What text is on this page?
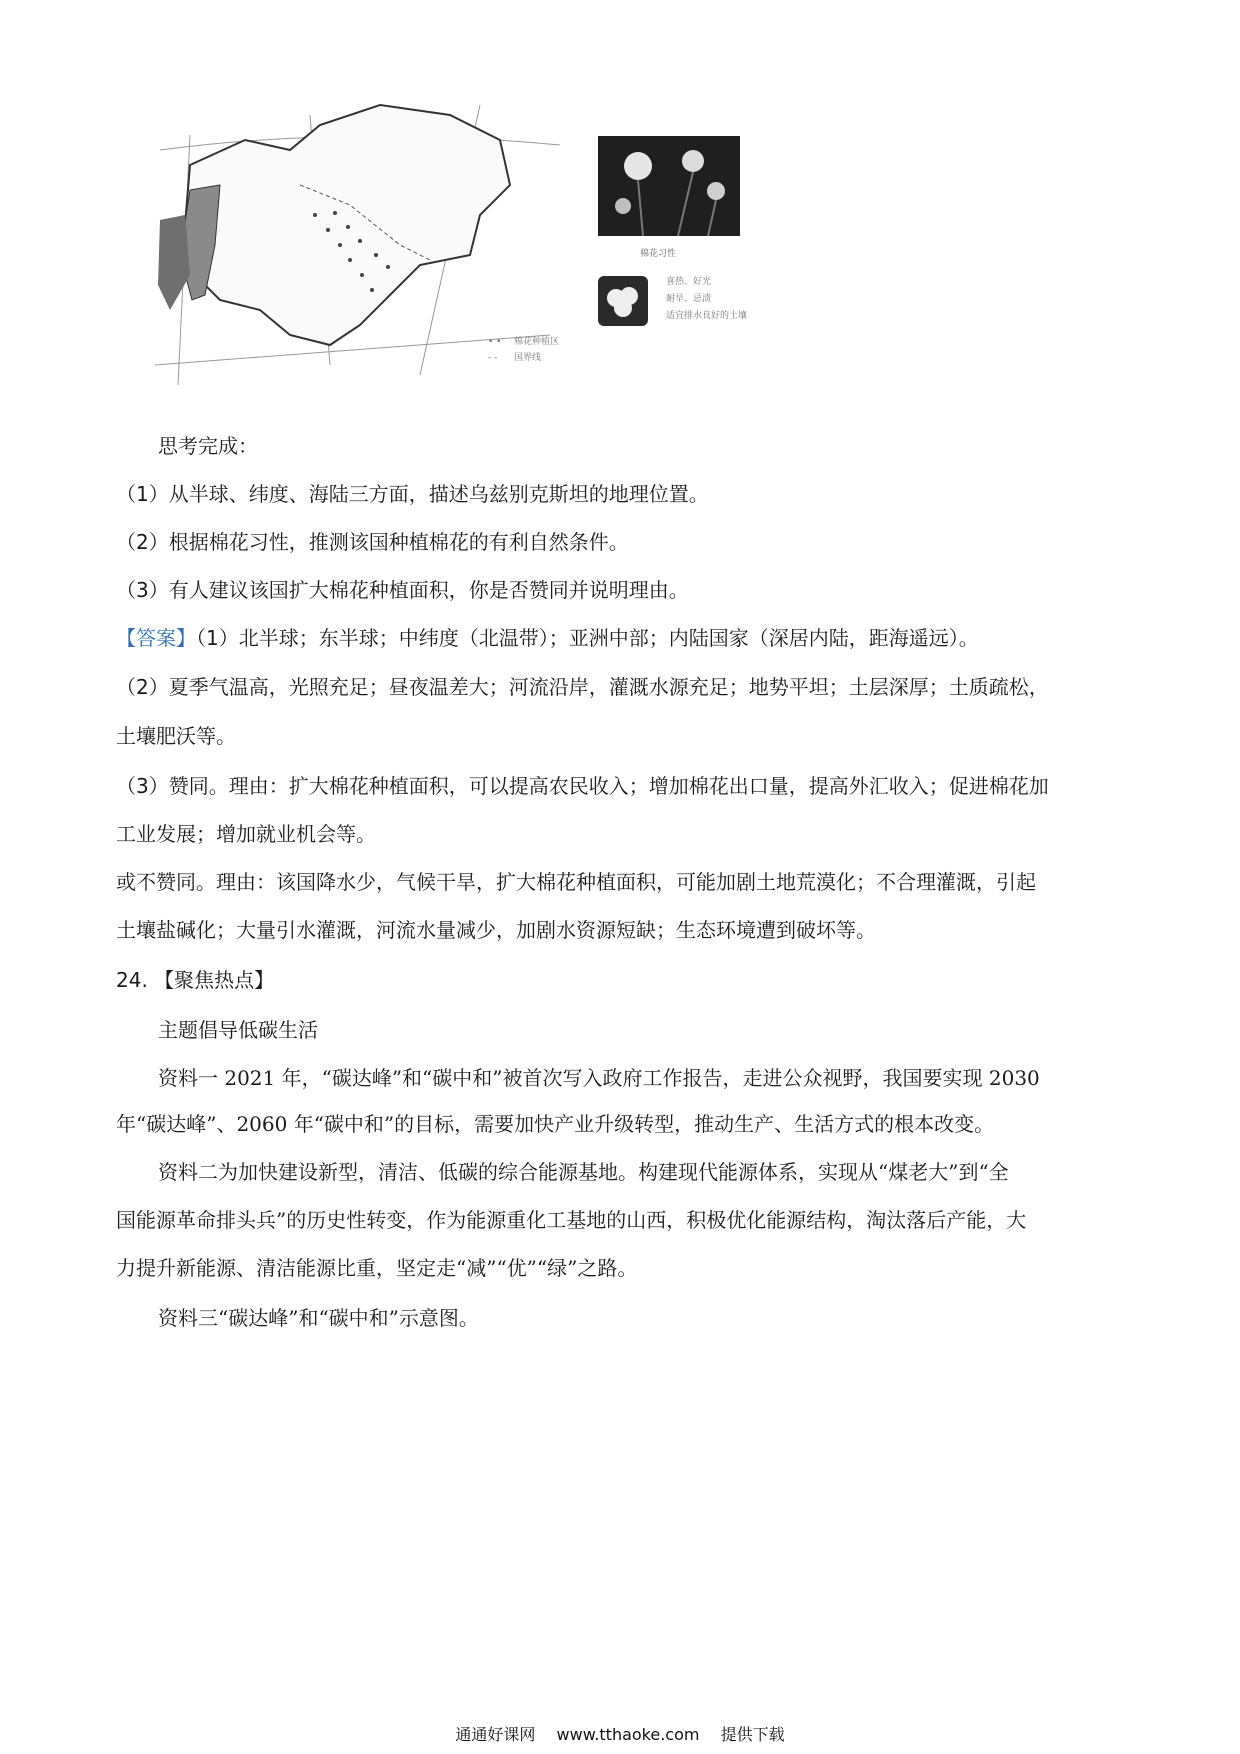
棉花习性
喜热、好光
耐旱、忌渍
适宜排水良好的土壤
• • 棉花种植区
- - 国界线
思考完成：
（1）从半球、纬度、海陆三方面，描述乌兹别克斯坦的地理位置。
（2）根据棉花习性，推测该国种植棉花的有利自然条件。
（3）有人建议该国扩大棉花种植面积，你是否赞同并说明理由。
【答案】（1）北半球；东半球；中纬度（北温带）；亚洲中部；内陆国家（深居内陆，距海遥远）。
（2）夏季气温高，光照充足；昼夜温差大；河流沿岸，灌溉水源充足；地势平坦；土层深厚；土质疏松，
土壤肥沃等。
（3）赞同。理由：扩大棉花种植面积，可以提高农民收入；增加棉花出口量，提高外汇收入；促进棉花加
工业发展；增加就业机会等。
或不赞同。理由：该国降水少，气候干旱，扩大棉花种植面积，可能加剧土地荒漠化；不合理灌溉，引起
土壤盐碱化；大量引水灌溉，河流水量减少，加剧水资源短缺；生态环境遭到破坏等。
24. 【聚焦热点】
主题倡导低碳生活
资料一 2021 年，“碳达峰”和“碳中和”被首次写入政府工作报告，走进公众视野，我国要实现 2030
年“碳达峰”、2060 年“碳中和”的目标，需要加快产业升级转型，推动生产、生活方式的根本改变。
资料二为加快建设新型，清洁、低碳的综合能源基地。构建现代能源体系，实现从“煤老大”到“全
国能源革命排头兵”的历史性转变，作为能源重化工基地的山西，积极优化能源结构，淘汰落后产能，大
力提升新能源、清洁能源比重，坚定走“减”“优”“绿”之路。
资料三“碳达峰”和“碳中和”示意图。
通通好课网 www.tthaoke.com 提供下载
